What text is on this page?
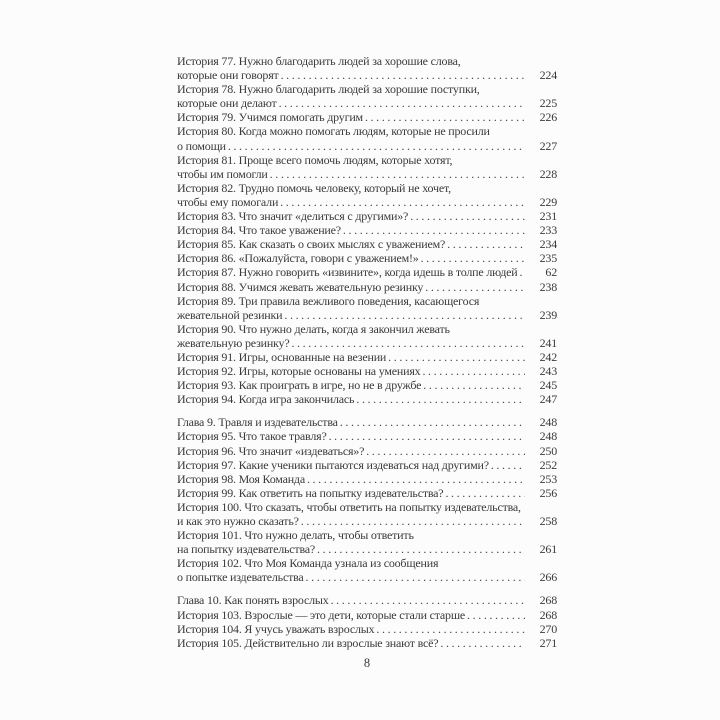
История 77. Нужно благодарить людей за хорошие слова,
которые они говорят . . .	224
История 78. Нужно благодарить людей за хорошие поступки,
которые они делают . . .	225
История 79. Учимся помогать другим . . .	226
История 80. Когда можно помогать людям, которые не просили
о помощи . . .	227
История 81. Проще всего помочь людям, которые хотят,
чтобы им помогли . . .	228
История 82. Трудно помочь человеку, который не хочет,
чтобы ему помогали . . .	229
История 83. Что значит «делиться с другими»? . . .	231
История 84. Что такое уважение? . . .	233
История 85. Как сказать о своих мыслях с уважением? . . .	234
История 86. «Пожалуйста, говори с уважением!» . . .	235
История 87. Нужно говорить «извините», когда идешь в толпе людей . . .	62
История 88. Учимся жевать жевательную резинку . . .	238
История 89. Три правила вежливого поведения, касающегося
жевательной резинки . . .	239
История 90. Что нужно делать, когда я закончил жевать
жевательную резинку? . . .	241
История 91. Игры, основанные на везении . . .	242
История 92. Игры, которые основаны на умениях . . .	243
История 93. Как проиграть в игре, но не в дружбе . . .	245
История 94. Когда игра закончилась . . .	247
Глава 9. Травля и издевательства . . .	248
История 95. Что такое травля? . . .	248
История 96. Что значит «издеваться»? . . .	250
История 97. Какие ученики пытаются издеваться над другими? . . .	252
История 98. Моя Команда . . .	253
История 99. Как ответить на попытку издевательства? . . .	256
История 100. Что сказать, чтобы ответить на попытку издевательства,
и как это нужно сказать? . . .	258
История 101. Что нужно делать, чтобы ответить
на попытку издевательства? . . .	261
История 102. Что Моя Команда узнала из сообщения
о попытке издевательства . . .	266
Глава 10. Как понять взрослых . . .	268
История 103. Взрослые — это дети, которые стали старше . . .	268
История 104. Я учусь уважать взрослых . . .	270
История 105. Действительно ли взрослые знают всё? . . .	271
8
